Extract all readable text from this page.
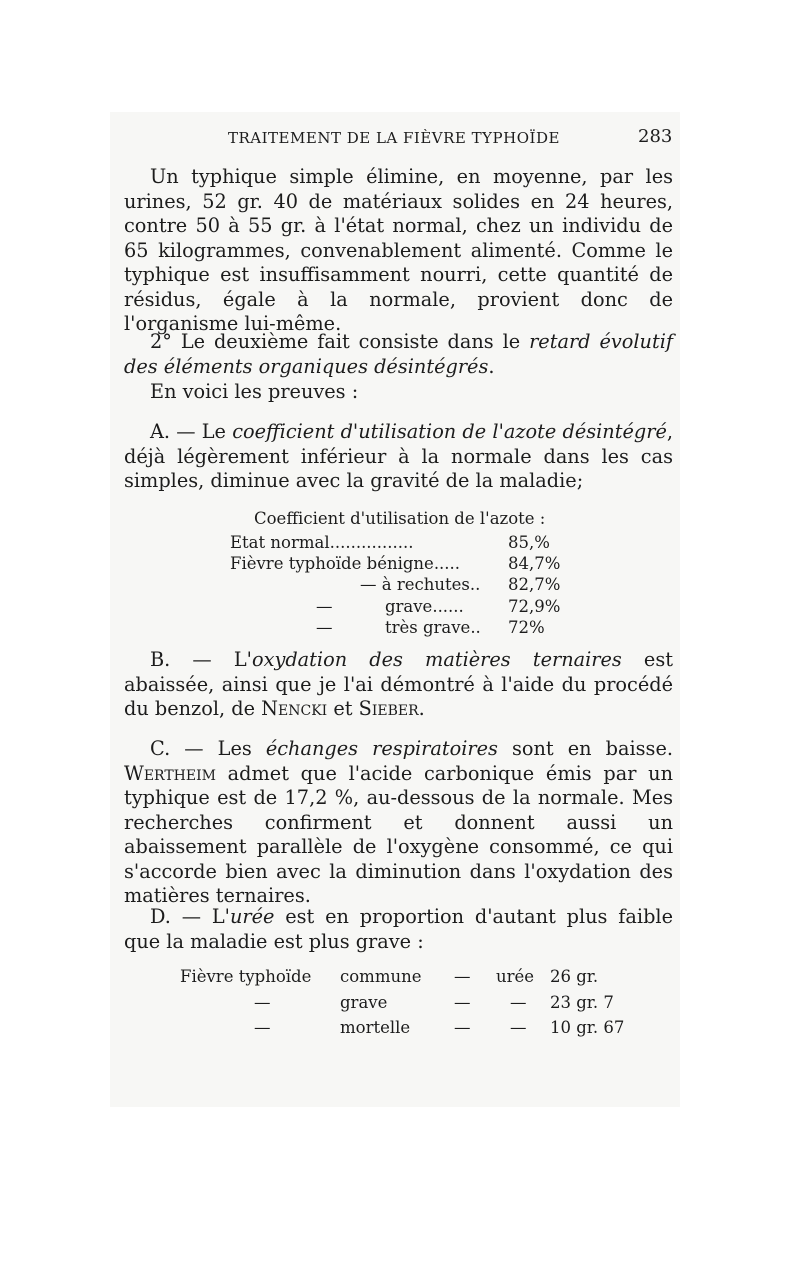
TRAITEMENT DE LA FIÈVRE TYPHOÏDE	283

Un typhique simple élimine, en moyenne, par les urines, 52 gr. 40 de matériaux solides en 24 heures, contre 50 à 55 gr. à l'état normal, chez un individu de 65 kilogrammes, convenablement alimenté. Comme le typhique est insuffisamment nourri, cette quantité de résidus, égale à la normale, provient donc de l'organisme lui-même.

2° Le deuxième fait consiste dans le retard évolutif des éléments organiques désintégrés.

En voici les preuves :

A. — Le coefficient d'utilisation de l'azote désintégré, déjà légèrement inférieur à la normale dans les cas simples, diminue avec la gravité de la maladie;

Coefficient d'utilisation de l'azote :
Etat normal................	85,%
Fièvre typhoïde bénigne.....	84,7%
— à rechutes.. 82,7%
—          grave......	72,9%
—          très grave.. 72%

B. — L'oxydation des matières ternaires est abaissée, ainsi que je l'ai démontré à l'aide du procédé du benzol, de Nencki et Sieber.

C. — Les échanges respiratoires sont en baisse. Wertheim admet que l'acide carbonique émis par un typhique est de 17,2 %, au-dessous de la normale. Mes recherches confirment et donnent aussi un abaissement parallèle de l'oxygène consommé, ce qui s'accorde bien avec la diminution dans l'oxydation des matières ternaires.

D. — L'urée est en proportion d'autant plus faible que la maladie est plus grave :

Fièvre typhoïde commune — urée 26 gr.
—	grave	— — 23 gr. 7
—	mortelle	— — 10 gr. 67
